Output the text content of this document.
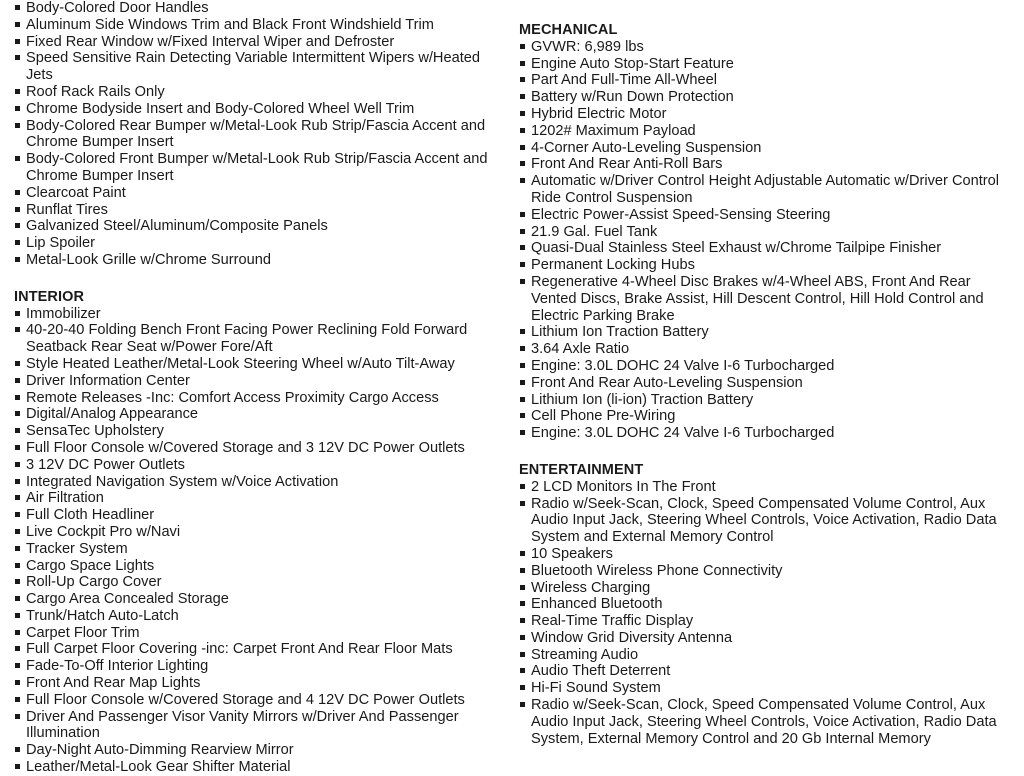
Body-Colored Door Handles
Aluminum Side Windows Trim and Black Front Windshield Trim
Fixed Rear Window w/Fixed Interval Wiper and Defroster
Speed Sensitive Rain Detecting Variable Intermittent Wipers w/Heated Jets
Roof Rack Rails Only
Chrome Bodyside Insert and Body-Colored Wheel Well Trim
Body-Colored Rear Bumper w/Metal-Look Rub Strip/Fascia Accent and Chrome Bumper Insert
Body-Colored Front Bumper w/Metal-Look Rub Strip/Fascia Accent and Chrome Bumper Insert
Clearcoat Paint
Runflat Tires
Galvanized Steel/Aluminum/Composite Panels
Lip Spoiler
Metal-Look Grille w/Chrome Surround
INTERIOR
Immobilizer
40-20-40 Folding Bench Front Facing Power Reclining Fold Forward Seatback Rear Seat w/Power Fore/Aft
Style Heated Leather/Metal-Look Steering Wheel w/Auto Tilt-Away
Driver Information Center
Remote Releases -Inc: Comfort Access Proximity Cargo Access
Digital/Analog Appearance
SensaTec Upholstery
Full Floor Console w/Covered Storage and 3 12V DC Power Outlets
3 12V DC Power Outlets
Integrated Navigation System w/Voice Activation
Air Filtration
Full Cloth Headliner
Live Cockpit Pro w/Navi
Tracker System
Cargo Space Lights
Roll-Up Cargo Cover
Cargo Area Concealed Storage
Trunk/Hatch Auto-Latch
Carpet Floor Trim
Full Carpet Floor Covering -inc: Carpet Front And Rear Floor Mats
Fade-To-Off Interior Lighting
Front And Rear Map Lights
Full Floor Console w/Covered Storage and 4 12V DC Power Outlets
Driver And Passenger Visor Vanity Mirrors w/Driver And Passenger Illumination
Day-Night Auto-Dimming Rearview Mirror
Leather/Metal-Look Gear Shifter Material
MECHANICAL
GVWR: 6,989 lbs
Engine Auto Stop-Start Feature
Part And Full-Time All-Wheel
Battery w/Run Down Protection
Hybrid Electric Motor
1202# Maximum Payload
4-Corner Auto-Leveling Suspension
Front And Rear Anti-Roll Bars
Automatic w/Driver Control Height Adjustable Automatic w/Driver Control Ride Control Suspension
Electric Power-Assist Speed-Sensing Steering
21.9 Gal. Fuel Tank
Quasi-Dual Stainless Steel Exhaust w/Chrome Tailpipe Finisher
Permanent Locking Hubs
Regenerative 4-Wheel Disc Brakes w/4-Wheel ABS, Front And Rear Vented Discs, Brake Assist, Hill Descent Control, Hill Hold Control and Electric Parking Brake
Lithium Ion Traction Battery
3.64 Axle Ratio
Engine: 3.0L DOHC 24 Valve I-6 Turbocharged
Front And Rear Auto-Leveling Suspension
Lithium Ion (li-ion) Traction Battery
Cell Phone Pre-Wiring
Engine: 3.0L DOHC 24 Valve I-6 Turbocharged
ENTERTAINMENT
2 LCD Monitors In The Front
Radio w/Seek-Scan, Clock, Speed Compensated Volume Control, Aux Audio Input Jack, Steering Wheel Controls, Voice Activation, Radio Data System and External Memory Control
10 Speakers
Bluetooth Wireless Phone Connectivity
Wireless Charging
Enhanced Bluetooth
Real-Time Traffic Display
Window Grid Diversity Antenna
Streaming Audio
Audio Theft Deterrent
Hi-Fi Sound System
Radio w/Seek-Scan, Clock, Speed Compensated Volume Control, Aux Audio Input Jack, Steering Wheel Controls, Voice Activation, Radio Data System, External Memory Control and 20 Gb Internal Memory
